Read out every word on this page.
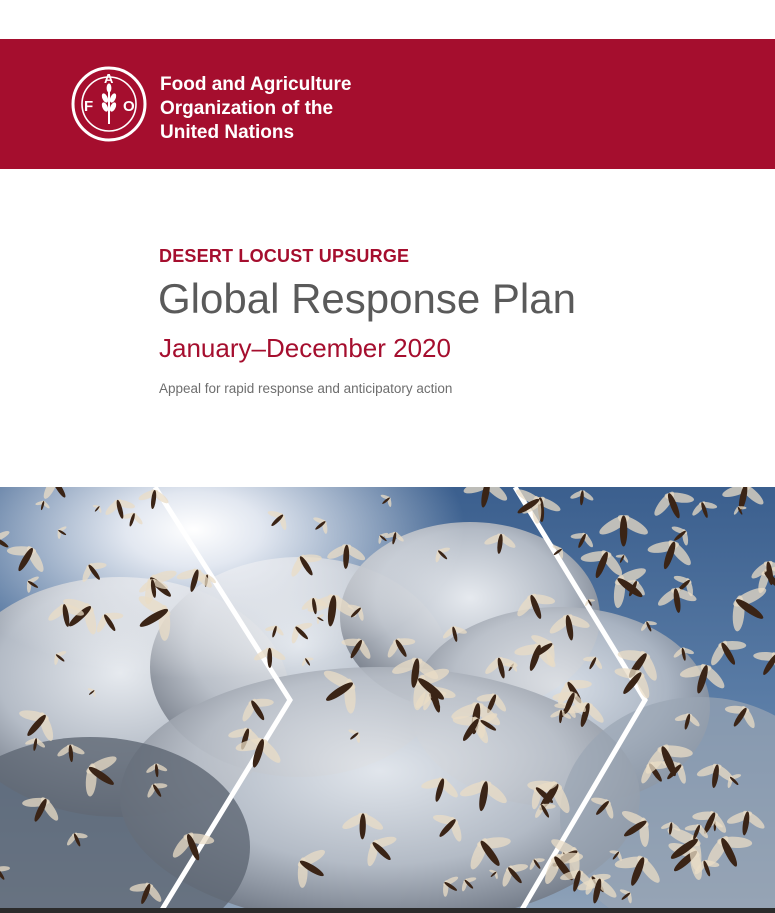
F
A
O
Food and Agriculture
Organization of the
United Nations
DESERT LOCUST UPSURGE
Global Response Plan
January–December 2020
Appeal for rapid response and anticipatory action
